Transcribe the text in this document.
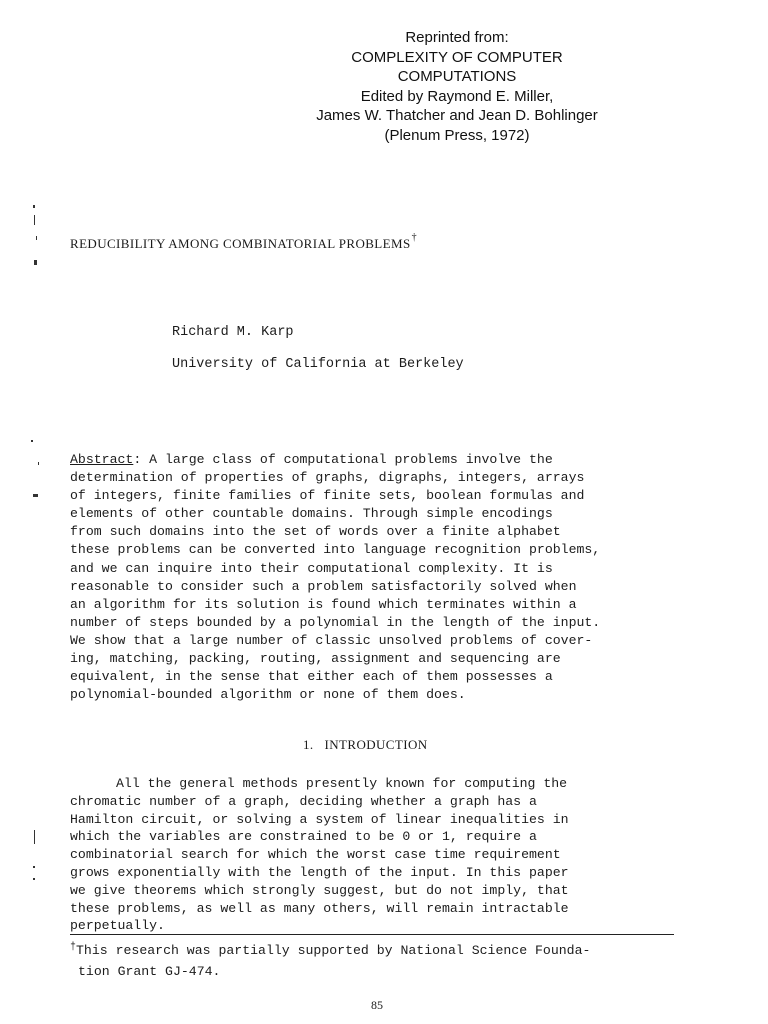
Reprinted from:
COMPLEXITY OF COMPUTER
COMPUTATIONS
Edited by Raymond E. Miller,
James W. Thatcher and Jean D. Bohlinger
(Plenum Press, 1972)
REDUCIBILITY AMONG COMBINATORIAL PROBLEMS†
Richard M. Karp
University of California at Berkeley
Abstract: A large class of computational problems involve the
determination of properties of graphs, digraphs, integers, arrays
of integers, finite families of finite sets, boolean formulas and
elements of other countable domains. Through simple encodings
from such domains into the set of words over a finite alphabet
these problems can be converted into language recognition problems,
and we can inquire into their computational complexity. It is
reasonable to consider such a problem satisfactorily solved when
an algorithm for its solution is found which terminates within a
number of steps bounded by a polynomial in the length of the input.
We show that a large number of classic unsolved problems of cover-
ing, matching, packing, routing, assignment and sequencing are
equivalent, in the sense that either each of them possesses a
polynomial-bounded algorithm or none of them does.
1. INTRODUCTION
All the general methods presently known for computing the
chromatic number of a graph, deciding whether a graph has a
Hamilton circuit, or solving a system of linear inequalities in
which the variables are constrained to be 0 or 1, require a
combinatorial search for which the worst case time requirement
grows exponentially with the length of the input. In this paper
we give theorems which strongly suggest, but do not imply, that
these problems, as well as many others, will remain intractable
perpetually.
†This research was partially supported by National Science Founda-
tion Grant GJ-474.
85
